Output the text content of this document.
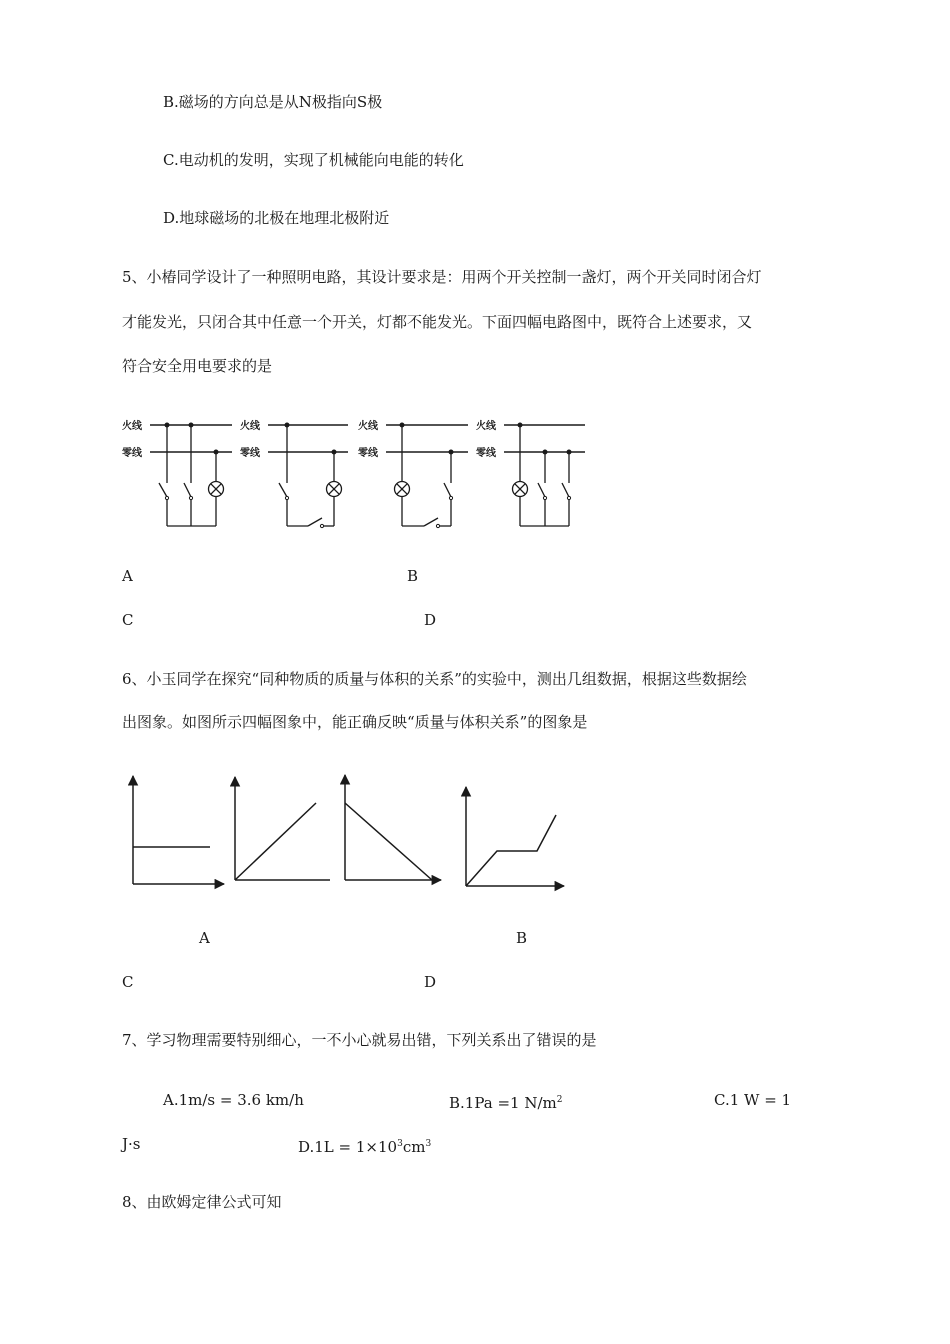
B.磁场的方向总是从N极指向S极
C.电动机的发明，实现了机械能向电能的转化
D.地球磁场的北极在地理北极附近
5、小椿同学设计了一种照明电路，其设计要求是：用两个开关控制一盏灯，两个开关同时闭合灯
才能发光，只闭合其中任意一个开关，灯都不能发光。下面四幅电路图中，既符合上述要求，又
符合安全用电要求的是
火线
零线
火线
零线
火线
零线
火线
零线
A	B
C	D
6、小玉同学在探究“同种物质的质量与体积的关系”的实验中，测出几组数据，根据这些数据绘
出图象。如图所示四幅图象中，能正确反映“质量与体积关系”的图象是
A	B
C	D
7、学习物理需要特别细心，一不小心就易出错，下列关系出了错误的是
A.1m/s = 3.6 km/h	B.1Pa =1 $N/m^2$	C.1 W = 1
J·s	$D.1L = 1\times 10^3cm^3$
8、由欧姆定律公式可知
